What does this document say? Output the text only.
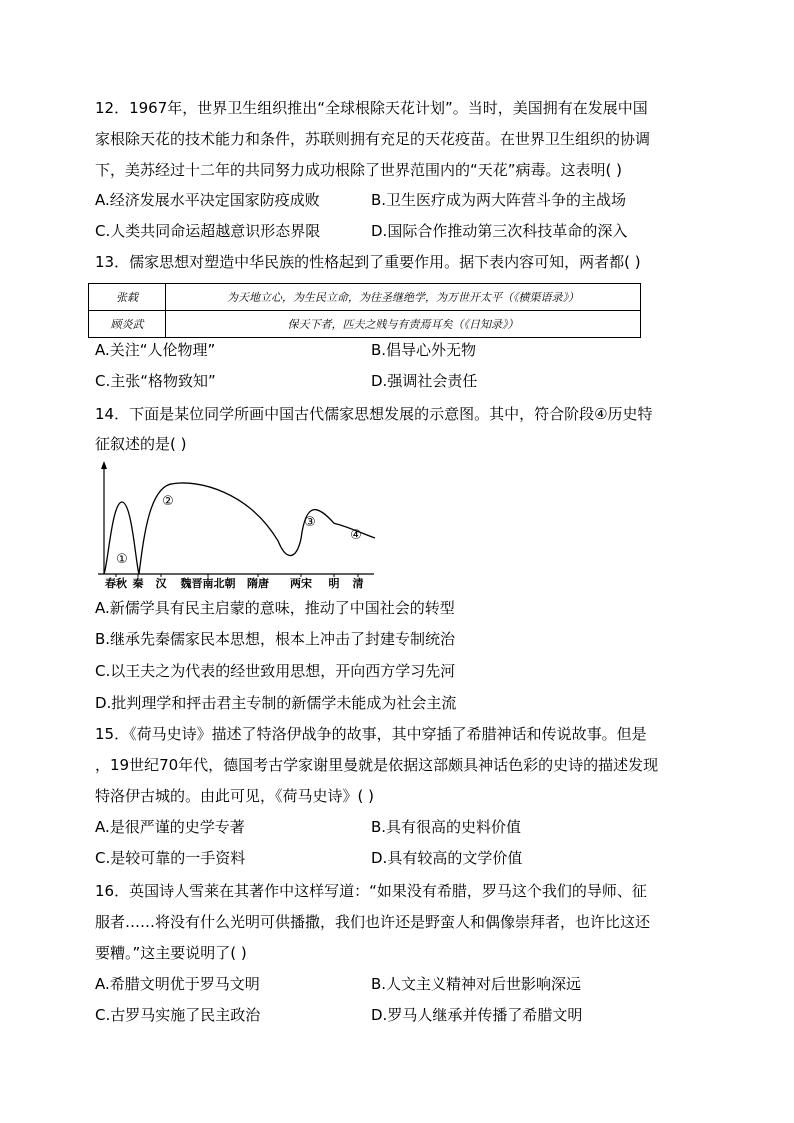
12．1967年，世界卫生组织推出“全球根除天花计划”。当时，美国拥有在发展中国
家根除天花的技术能力和条件，苏联则拥有充足的天花疫苗。在世界卫生组织的协调
下，美苏经过十二年的共同努力成功根除了世界范围内的“天花”病毒。这表明( )
A.经济发展水平决定国家防疫成败	B.卫生医疗成为两大阵营斗争的主战场
C.人类共同命运超越意识形态界限	D.国际合作推动第三次科技革命的深入
13．儒家思想对塑造中华民族的性格起到了重要作用。据下表内容可知，两者都( )
张载	为天地立心，为生民立命，为往圣继绝学，为万世开太平（《横渠语录》）
顾炎武	保天下者，匹夫之贱与有责焉耳矣（《日知录》）
A.关注“人伦物理”	B.倡导心外无物
C.主张“格物致知”	D.强调社会责任
14．下面是某位同学所画中国古代儒家思想发展的示意图。其中，符合阶段④历史特
征叙述的是( )
①
②
③
④
春秋 秦 汉 魏晋南北朝 隋唐 两宋 明 清
A.新儒学具有民主启蒙的意味，推动了中国社会的转型
B.继承先秦儒家民本思想，根本上冲击了封建专制统治
C.以王夫之为代表的经世致用思想，开向西方学习先河
D.批判理学和抨击君主专制的新儒学未能成为社会主流
15．《荷马史诗》描述了特洛伊战争的故事，其中穿插了希腊神话和传说故事。但是
，19世纪70年代，德国考古学家谢里曼就是依据这部颇具神话色彩的史诗的描述发现
特洛伊古城的。由此可见，《荷马史诗》( )
A.是很严谨的史学专著	B.具有很高的史料价值
C.是较可靠的一手资料	D.具有较高的文学价值
16．英国诗人雪莱在其著作中这样写道：“如果没有希腊，罗马这个我们的导师、征
服者……将没有什么光明可供播撒，我们也许还是野蛮人和偶像崇拜者，也许比这还
要糟。”这主要说明了( )
A.希腊文明优于罗马文明	B.人文主义精神对后世影响深远
C.古罗马实施了民主政治	D.罗马人继承并传播了希腊文明
